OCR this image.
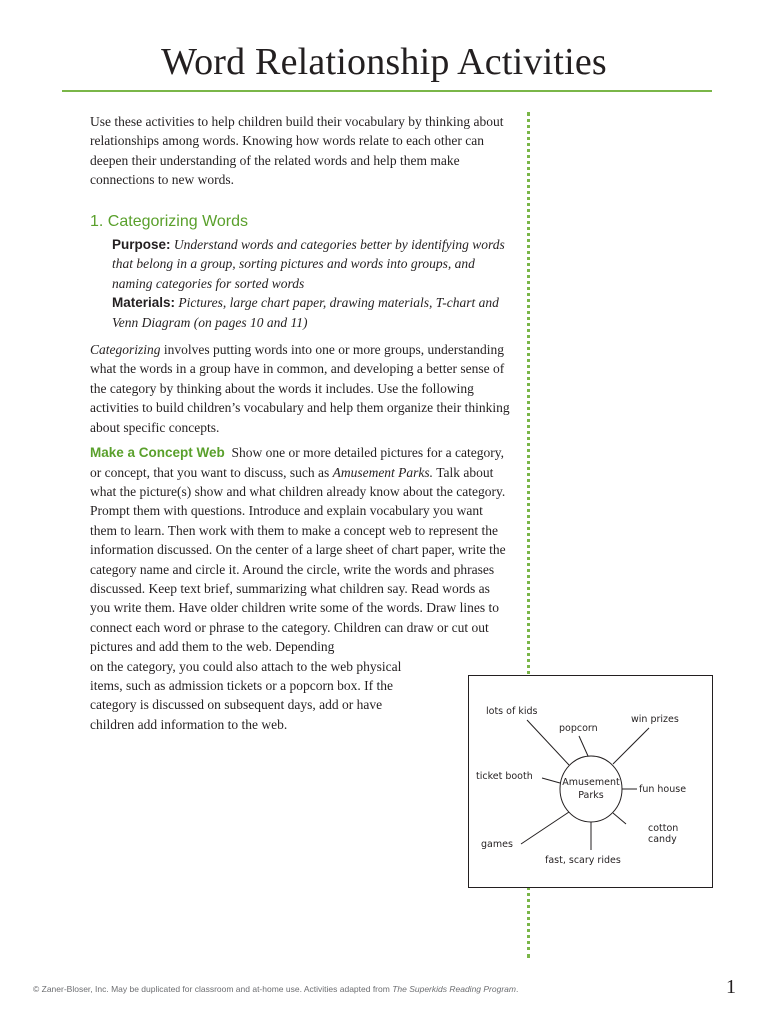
Word Relationship Activities

Use these activities to help children build their vocabulary by thinking about relationships among words. Knowing how words relate to each other can deepen their understanding of the related words and help them make connections to new words.

1. Categorizing Words

Purpose: Understand words and categories better by identifying words that belong in a group, sorting pictures and words into groups, and naming categories for sorted words

Materials: Pictures, large chart paper, drawing materials, T-chart and Venn Diagram (on pages 10 and 11)

Categorizing involves putting words into one or more groups, understanding what the words in a group have in common, and developing a better sense of the category by thinking about the words it includes. Use the following activities to build children’s vocabulary and help them organize their thinking about specific concepts.

Make a Concept Web  Show one or more detailed pictures for a category, or concept, that you want to discuss, such as Amusement Parks. Talk about what the picture(s) show and what children already know about the category. Prompt them with questions. Introduce and explain vocabulary you want them to learn. Then work with them to make a concept web to represent the information discussed. On the center of a large sheet of chart paper, write the category name and circle it. Around the circle, write the words and phrases discussed. Keep text brief, summarizing what children say. Read words as you write them. Have older children write some of the words. Draw lines to connect each word or phrase to the category. Children can draw or cut out pictures and add them to the web. Depending

on the category, you could also attach to the web physical items, such as admission tickets or a popcorn box. If the category is discussed on subsequent days, add or have children add information to the web.

Amusement
Parks
lots of kids
popcorn
win prizes
ticket booth
fun house
cotton
candy
games
fast, scary rides
© Zaner-Bloser, Inc. May be duplicated for classroom and at-home use. Activities adapted from The Superkids Reading Program.	1
